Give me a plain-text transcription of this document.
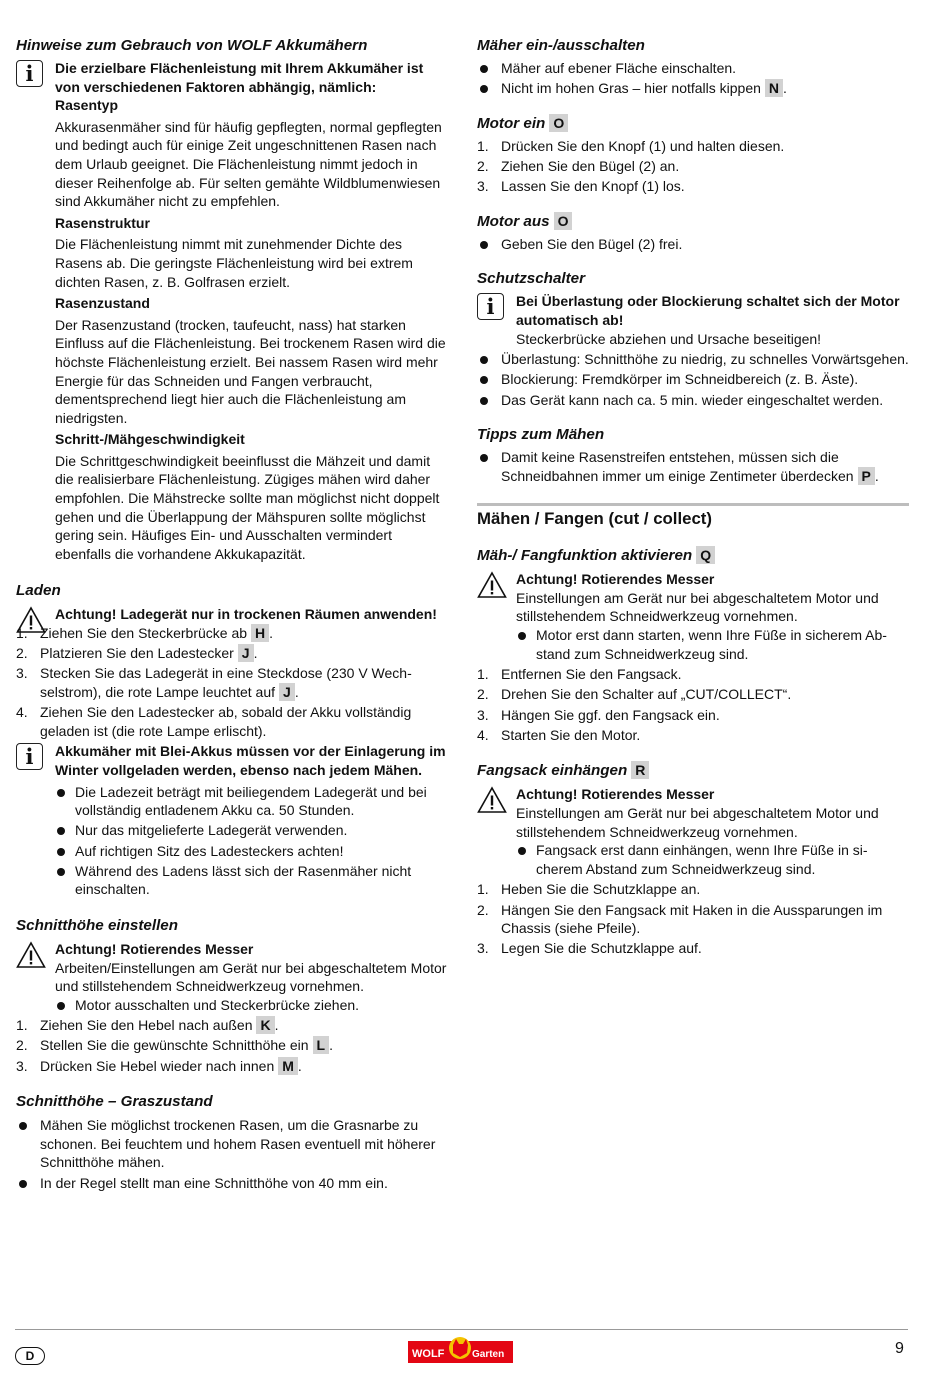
Hinweise zum Gebrauch von WOLF Akkumähern
i	Die erzielbare Flächenleistung mit Ihrem Akkumäher ist von verschiedenen Faktoren abhängig, nämlich:

Rasentyp

Akkurasenmäher sind für häufig gepflegten, normal gepflegten und bedingt auch für einige Zeit ungeschnittenen Rasen nach dem Urlaub geeignet. Die Flächenleistung nimmt jedoch in dieser Reihenfolge ab. Für selten gemähte Wildblumenwiesen sind Akkumäher nicht zu empfehlen.

Rasenstruktur

Die Flächenleistung nimmt mit zunehmender Dichte des Rasens ab. Die geringste Flächenleistung wird bei extrem dichten Rasen, z. B. Golfrasen erzielt.

Rasenzustand

Der Rasenzustand (trocken, taufeucht, nass) hat starken Einfluss auf die Flächenleistung. Bei trockenem Rasen wird die höchste Flächenleistung erzielt. Bei nassem Rasen wird mehr Energie für das Schneiden und Fangen verbraucht, dementsprechend liegt hier auch die Flächenleistung am niedrigsten.

Schritt-/Mähgeschwindigkeit

Die Schrittgeschwindigkeit beeinflusst die Mähzeit und damit die realisierbare Flächenleistung. Zügiges mähen wird daher empfohlen. Die Mähstrecke sollte man möglichst nicht doppelt gehen und die Überlappung der Mähspuren sollte möglichst gering sein. Häufiges Ein- und Ausschalten vermindert ebenfalls die vorhandene Akkukapazität.

Laden

Achtung! Ladegerät nur in trockenen Räumen anwenden!

1. Ziehen Sie den Steckerbrücke ab H .
2. Platzieren Sie den Ladestecker J .
3. Stecken Sie das Ladegerät in eine Steckdose (230 V Wechselstrom), die rote Lampe leuchtet auf J .
4. Ziehen Sie den Ladestecker ab, sobald der Akku vollständig geladen ist (die rote Lampe erlischt).
i	Akkumäher mit Blei-Akkus müssen vor der Einlagerung im Winter vollgeladen werden, ebenso nach jedem Mähen.

Die Ladezeit beträgt mit beiliegendem Ladegerät und bei vollständig entladenem Akku ca. 50 Stunden.
Nur das mitgelieferte Ladegerät verwenden.
Auf richtigen Sitz des Ladesteckers achten!
Während des Ladens lässt sich der Rasenmäher nicht einschalten.
Schnitthöhe einstellen

Achtung! Rotierendes Messer

Arbeiten/Einstellungen am Gerät nur bei abgeschaltetem Motor und stillstehendem Schneidwerkzeug vornehmen.

Motor ausschalten und Steckerbrücke ziehen.
1. Ziehen Sie den Hebel nach außen K .
2. Stellen Sie die gewünschte Schnitthöhe ein L .
3. Drücken Sie Hebel wieder nach innen M .
Schnitthöhe – Graszustand
Mähen Sie möglichst trockenen Rasen, um die Grasnarbe zu schonen. Bei feuchtem und hohem Rasen eventuell mit höherer Schnitthöhe mähen.
In der Regel stellt man eine Schnitthöhe von 40 mm ein.
Mäher ein-/ausschalten
Mäher auf ebener Fläche einschalten.
Nicht im hohen Gras – hier notfalls kippen N .
Motor ein O
1. Drücken Sie den Knopf (1) und halten diesen.
2. Ziehen Sie den Bügel (2) an.
3. Lassen Sie den Knopf (1) los.
Motor aus O
Geben Sie den Bügel (2) frei.
Schutzschalter
i	Bei Überlastung oder Blockierung schaltet sich der Motor automatisch ab!

Steckerbrücke abziehen und Ursache beseitigen!

Überlastung: Schnitthöhe zu niedrig, zu schnelles Vorwärtsgehen.
Blockierung: Fremdkörper im Schneidbereich (z. B. Äste).
Das Gerät kann nach ca. 5 min. wieder eingeschaltet werden.
Tipps zum Mähen
Damit keine Rasenstreifen entstehen, müssen sich die Schneidbahnen immer um einige Zentimeter überdecken P .
Mähen / Fangen (cut / collect)
Mäh-/ Fangfunktion aktivieren Q

Achtung! Rotierendes Messer

Einstellungen am Gerät nur bei abgeschaltetem Motor und stillstehendem Schneidwerkzeug vornehmen.

Motor erst dann starten, wenn Ihre Füße in sicherem Abstand zum Schneidwerkzeug sind.
1. Entfernen Sie den Fangsack.
2. Drehen Sie den Schalter auf „CUT/COLLECT“.
3. Hängen Sie ggf. den Fangsack ein.
4. Starten Sie den Motor.
Fangsack einhängen R

Achtung! Rotierendes Messer

Einstellungen am Gerät nur bei abgeschaltetem Motor und stillstehendem Schneidwerkzeug vornehmen.

Fangsack erst dann einhängen, wenn Ihre Füße in sicherem Abstand zum Schneidwerkzeug sind.
1. Heben Sie die Schutzklappe an.
2. Hängen Sie den Fangsack mit Haken in die Aussparungen im Chassis (siehe Pfeile).
3. Legen Sie die Schutzklappe auf.
D	WOLF	Garten	9
